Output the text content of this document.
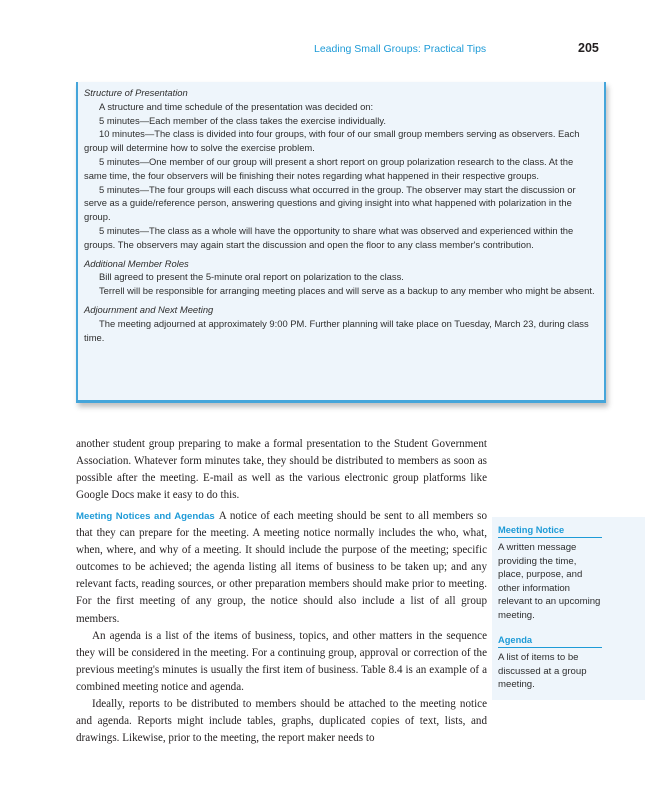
Leading Small Groups: Practical Tips	205
Structure of Presentation

A structure and time schedule of the presentation was decided on:

5 minutes—Each member of the class takes the exercise individually.

10 minutes—The class is divided into four groups, with four of our small group members serving as observers. Each group will determine how to solve the exercise problem.

5 minutes—One member of our group will present a short report on group polarization research to the class. At the same time, the four observers will be finishing their notes regarding what happened in their respective groups.

5 minutes—The four groups will each discuss what occurred in the group. The observer may start the discussion or serve as a guide/reference person, answering questions and giving insight into what happened with polarization in the group.

5 minutes—The class as a whole will have the opportunity to share what was observed and experienced within the groups. The observers may again start the discussion and open the floor to any class member's contribution.

Additional Member Roles

Bill agreed to present the 5-minute oral report on polarization to the class.

Terrell will be responsible for arranging meeting places and will serve as a backup to any member who might be absent.

Adjournment and Next Meeting

The meeting adjourned at approximately 9:00 PM. Further planning will take place on Tuesday, March 23, during class time.

another student group preparing to make a formal presentation to the Student Government Association. Whatever form minutes take, they should be distributed to members as soon as possible after the meeting. E-mail as well as the various electronic group platforms like Google Docs make it easy to do this.

Meeting Notices and Agendas A notice of each meeting should be sent to all members so that they can prepare for the meeting. A meeting notice normally includes the who, what, when, where, and why of a meeting. It should include the purpose of the meeting; specific outcomes to be achieved; the agenda listing all items of business to be taken up; and any relevant facts, reading sources, or other preparation members should make prior to meeting. For the first meeting of any group, the notice should also include a list of all group members.

An agenda is a list of the items of business, topics, and other matters in the sequence they will be considered in the meeting. For a continuing group, approval or correction of the previous meeting's minutes is usually the first item of business. Table 8.4 is an example of a combined meeting notice and agenda.

Ideally, reports to be distributed to members should be attached to the meeting notice and agenda. Reports might include tables, graphs, duplicated copies of text, lists, and drawings. Likewise, prior to the meeting, the report maker needs to

Meeting Notice
A written message providing the time, place, purpose, and other information relevant to an upcoming meeting.
Agenda
A list of items to be discussed at a group meeting.
